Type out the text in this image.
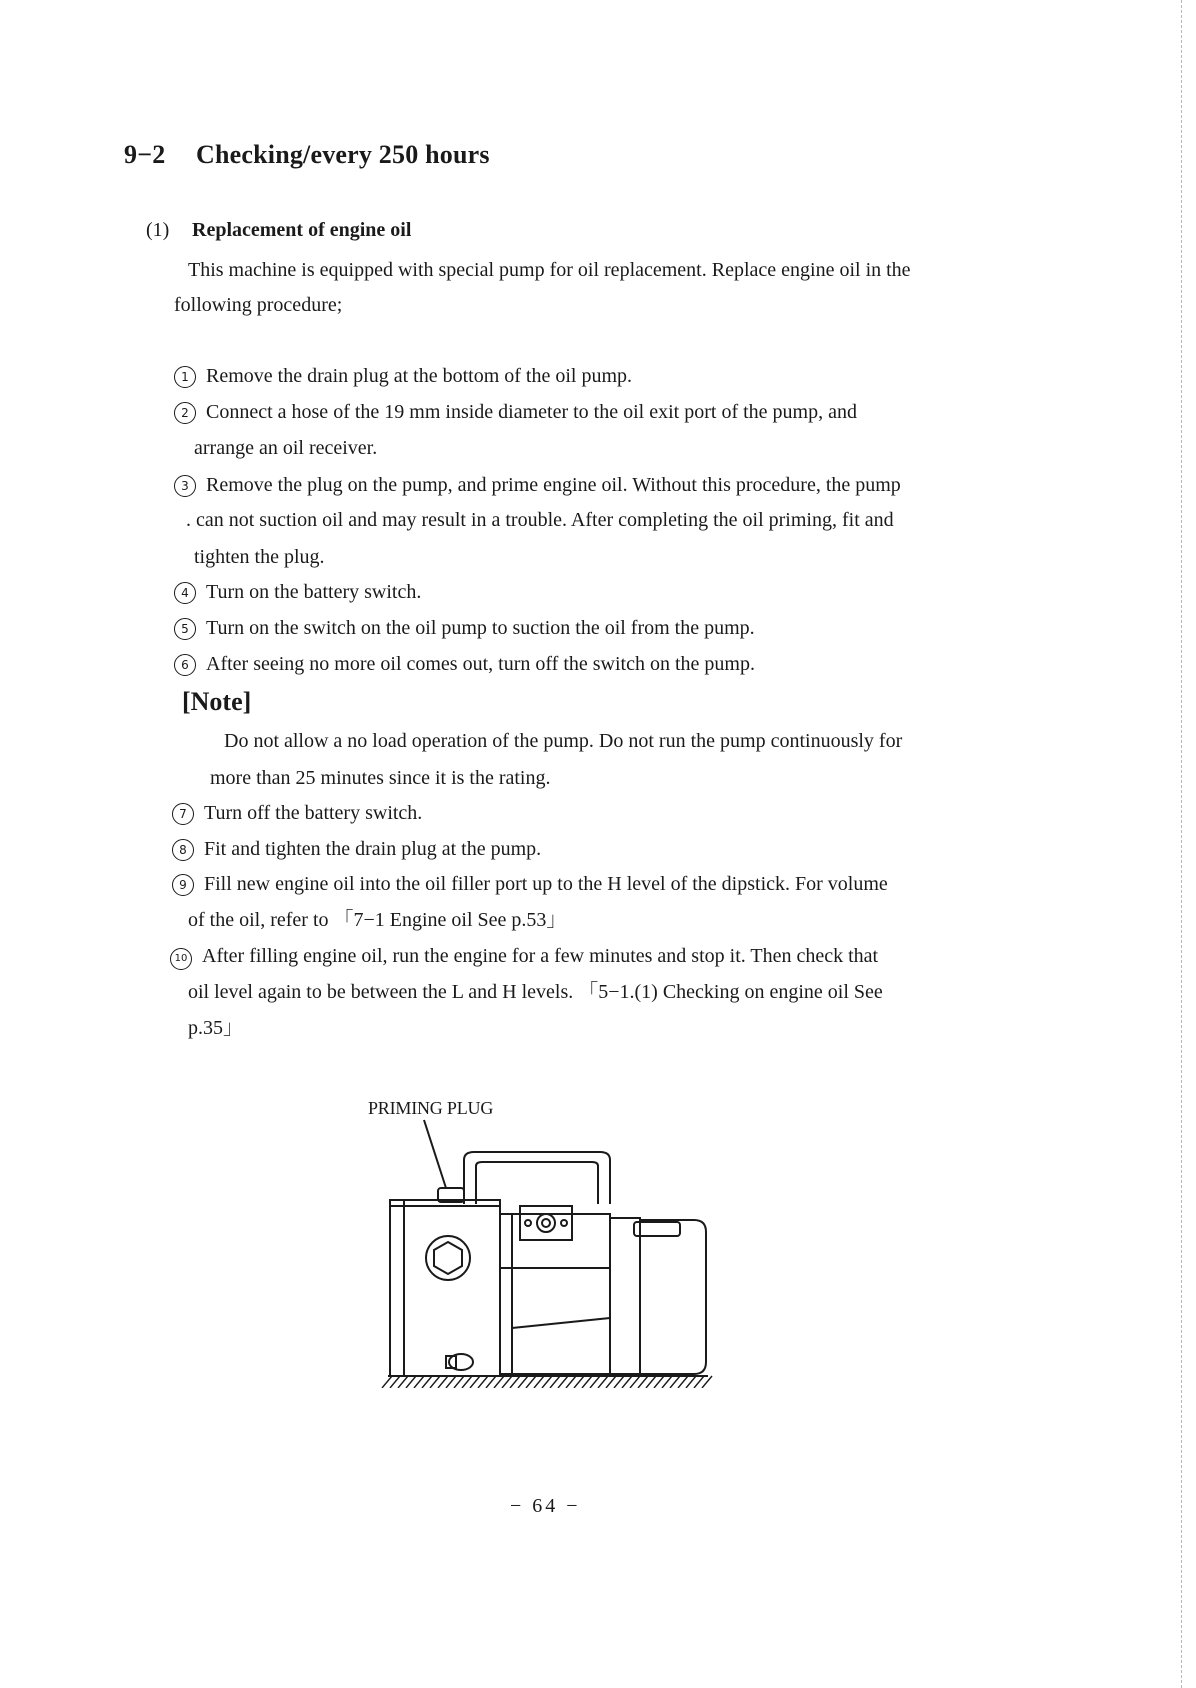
9−2 Checking/every 250 hours
(1) Replacement of engine oil
This machine is equipped with special pump for oil replacement. Replace engine oil in the
following procedure;
1 Remove the drain plug at the bottom of the oil pump.
2 Connect a hose of the 19 mm inside diameter to the oil exit port of the pump, and
arrange an oil receiver.
3 Remove the plug on the pump, and prime engine oil. Without this procedure, the pump
. can not suction oil and may result in a trouble. After completing the oil priming, fit and
tighten the plug.
4 Turn on the battery switch.
5 Turn on the switch on the oil pump to suction the oil from the pump.
6 After seeing no more oil comes out, turn off the switch on the pump.
[Note]
Do not allow a no load operation of the pump. Do not run the pump continuously for
more than 25 minutes since it is the rating.
7 Turn off the battery switch.
8 Fit and tighten the drain plug at the pump.
9 Fill new engine oil into the oil filler port up to the H level of the dipstick. For volume
of the oil, refer to 「7−1 Engine oil See p.53」
10 After filling engine oil, run the engine for a few minutes and stop it. Then check that
oil level again to be between the L and H levels. 「5−1.(1) Checking on engine oil See
p.35」
PRIMING PLUG
− 64 −
